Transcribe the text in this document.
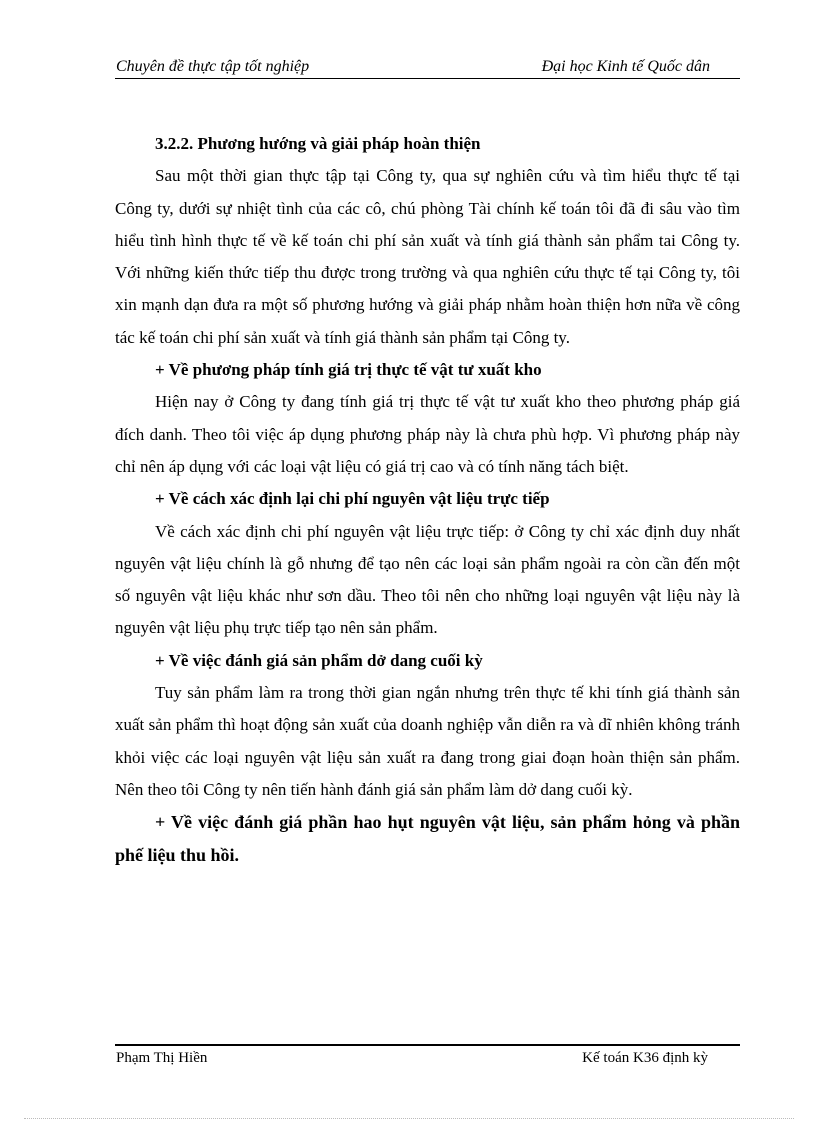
Chuyên đề thực tập tốt nghiệp	Đại học Kinh tế Quốc dân

3.2.2. Phương hướng và giải pháp hoàn thiện

Sau một thời gian thực tập tại Công ty, qua sự nghiên cứu và tìm hiểu thực tế tại Công ty, dưới sự nhiệt tình của các cô, chú phòng Tài chính kế toán tôi đã đi sâu vào tìm hiểu tình hình thực tế về kế toán chi phí sản xuất và tính giá thành sản phẩm tai Công ty. Với những kiến thức tiếp thu được trong trường và qua nghiên cứu thực tế tại Công ty, tôi xin mạnh dạn đưa ra một số phương hướng và giải pháp nhằm hoàn thiện hơn nữa về công tác kế toán chi phí sản xuất và tính giá thành sản phẩm tại Công ty.

+ Về phương pháp tính giá trị thực tế vật tư xuất kho

Hiện nay ở Công ty đang tính giá trị thực tế vật tư xuất kho theo phương pháp giá đích danh. Theo tôi việc áp dụng phương pháp này là chưa phù hợp. Vì phương pháp này chỉ nên áp dụng với các loại vật liệu có giá trị cao và có tính năng tách biệt.

+ Về cách xác định lại chi phí nguyên vật liệu trực tiếp

Về cách xác định chi phí nguyên vật liệu trực tiếp: ở Công ty chỉ xác định duy nhất nguyên vật liệu chính là gỗ nhưng để tạo nên các loại sản phẩm ngoài ra còn cần đến một số nguyên vật liệu khác như sơn dầu. Theo tôi nên cho những loại nguyên vật liệu này là nguyên vật liệu phụ trực tiếp tạo nên sản phẩm.

+ Về việc đánh giá sản phẩm dở dang cuối kỳ

Tuy sản phẩm làm ra trong thời gian ngắn nhưng trên thực tế khi tính giá thành sản xuất sản phẩm thì hoạt động sản xuất của doanh nghiệp vẫn diễn ra và dĩ nhiên không tránh khỏi việc các loại nguyên vật liệu sản xuất ra đang trong giai đoạn hoàn thiện sản phẩm. Nên theo tôi Công ty nên tiến hành đánh giá sản phẩm làm dở dang cuối kỳ.

+ Về việc đánh giá phần hao hụt nguyên vật liệu, sản phẩm hỏng và phần phế liệu thu hồi.

Phạm Thị Hiền	Kế toán K36 định kỳ
